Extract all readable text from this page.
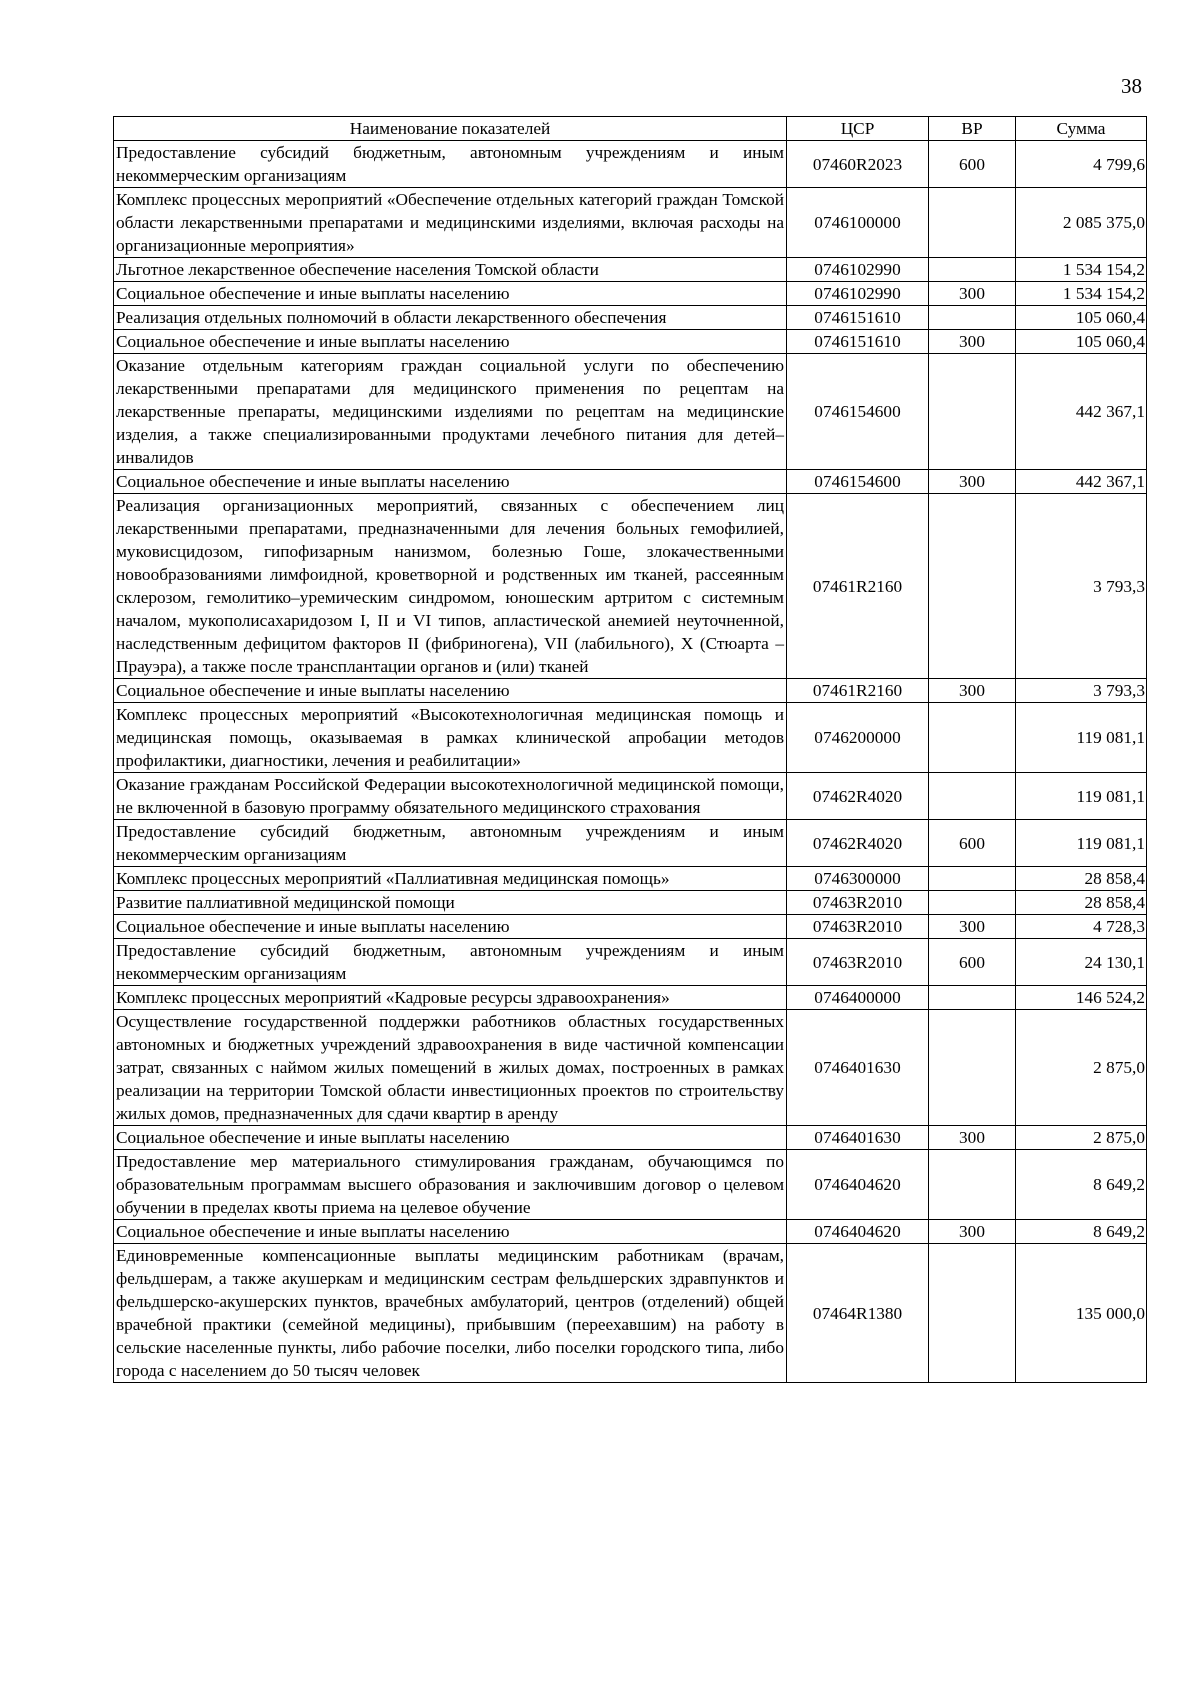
38
Наименование показателей	ЦСР	ВР	Сумма
Предоставление субсидий бюджетным, автономным учреждениям и иным некоммерческим организациям	07460R2023	600	4 799,6
Комплекс процессных мероприятий «Обеспечение отдельных категорий граждан Томской области лекарственными препаратами и медицинскими изделиями, включая расходы на организационные мероприятия»	0746100000		2 085 375,0
Льготное лекарственное обеспечение населения Томской области	0746102990		1 534 154,2
Социальное обеспечение и иные выплаты населению	0746102990	300	1 534 154,2
Реализация отдельных полномочий в области лекарственного обеспечения	0746151610		105 060,4
Социальное обеспечение и иные выплаты населению	0746151610	300	105 060,4
Оказание отдельным категориям граждан социальной услуги по обеспечению лекарственными препаратами для медицинского применения по рецептам на лекарственные препараты, медицинскими изделиями по рецептам на медицинские изделия, а также специализированными продуктами лечебного питания для детей–инвалидов	0746154600		442 367,1
Социальное обеспечение и иные выплаты населению	0746154600	300	442 367,1
Реализация организационных мероприятий, связанных с обеспечением лиц лекарственными препаратами, предназначенными для лечения больных гемофилией, муковисцидозом, гипофизарным нанизмом, болезнью Гоше, злокачественными новообразованиями лимфоидной, кроветворной и родственных им тканей, рассеянным склерозом, гемолитико–уремическим синдромом, юношеским артритом с системным началом, мукополисахаридозом I, II и VI типов, апластической анемией неуточненной, наследственным дефицитом факторов II (фибриногена), VII (лабильного), X (Стюарта – Прауэра), а также после трансплантации органов и (или) тканей	07461R2160		3 793,3
Социальное обеспечение и иные выплаты населению	07461R2160	300	3 793,3
Комплекс процессных мероприятий «Высокотехнологичная медицинская помощь и медицинская помощь, оказываемая в рамках клинической апробации методов профилактики, диагностики, лечения и реабилитации»	0746200000		119 081,1
Оказание гражданам Российской Федерации высокотехнологичной медицинской помощи, не включенной в базовую программу обязательного медицинского страхования	07462R4020		119 081,1
Предоставление субсидий бюджетным, автономным учреждениям и иным некоммерческим организациям	07462R4020	600	119 081,1
Комплекс процессных мероприятий «Паллиативная медицинская помощь»	0746300000		28 858,4
Развитие паллиативной медицинской помощи	07463R2010		28 858,4
Социальное обеспечение и иные выплаты населению	07463R2010	300	4 728,3
Предоставление субсидий бюджетным, автономным учреждениям и иным некоммерческим организациям	07463R2010	600	24 130,1
Комплекс процессных мероприятий «Кадровые ресурсы здравоохранения»	0746400000		146 524,2
Осуществление государственной поддержки работников областных государственных автономных и бюджетных учреждений здравоохранения в виде частичной компенсации затрат, связанных с наймом жилых помещений в жилых домах, построенных в рамках реализации на территории Томской области инвестиционных проектов по строительству жилых домов, предназначенных для сдачи квартир в аренду	0746401630		2 875,0
Социальное обеспечение и иные выплаты населению	0746401630	300	2 875,0
Предоставление мер материального стимулирования гражданам, обучающимся по образовательным программам высшего образования и заключившим договор о целевом обучении в пределах квоты приема на целевое обучение	0746404620		8 649,2
Социальное обеспечение и иные выплаты населению	0746404620	300	8 649,2
Единовременные компенсационные выплаты медицинским работникам (врачам, фельдшерам, а также акушеркам и медицинским сестрам фельдшерских здравпунктов и фельдшерско-акушерских пунктов, врачебных амбулаторий, центров (отделений) общей врачебной практики (семейной медицины), прибывшим (переехавшим) на работу в сельские населенные пункты, либо рабочие поселки, либо поселки городского типа, либо города с населением до 50 тысяч человек	07464R1380		135 000,0
